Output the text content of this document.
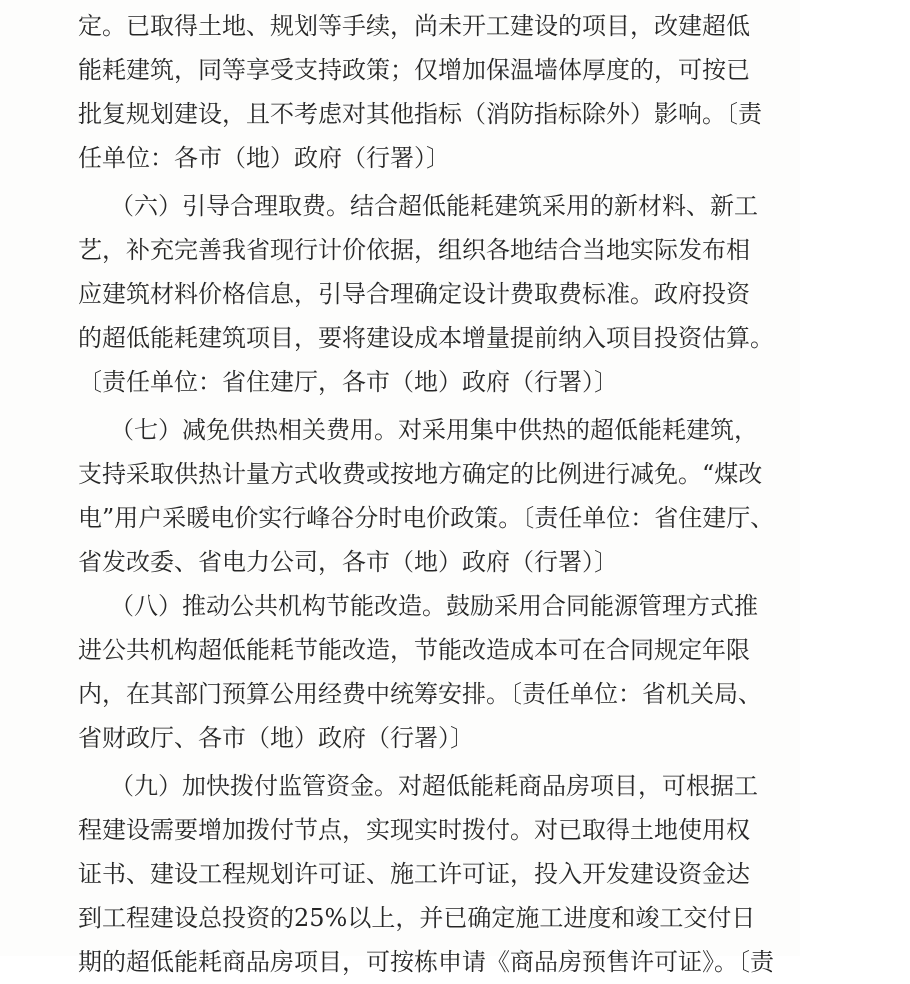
定。已取得土地、规划等手续，尚未开工建设的项目，改建超低
能耗建筑，同等享受支持政策；仅增加保温墙体厚度的，可按已
批复规划建设，且不考虑对其他指标（消防指标除外）影响。〔责
任单位：各市（地）政府（行署）〕
（六）引导合理取费。结合超低能耗建筑采用的新材料、新工
艺，补充完善我省现行计价依据，组织各地结合当地实际发布相
应建筑材料价格信息，引导合理确定设计费取费标准。政府投资
的超低能耗建筑项目，要将建设成本增量提前纳入项目投资估算。
〔责任单位：省住建厅，各市（地）政府（行署）〕
（七）减免供热相关费用。对采用集中供热的超低能耗建筑，
支持采取供热计量方式收费或按地方确定的比例进行减免。“煤改
电”用户采暖电价实行峰谷分时电价政策。〔责任单位：省住建厅、
省发改委、省电力公司，各市（地）政府（行署）〕
（八）推动公共机构节能改造。鼓励采用合同能源管理方式推
进公共机构超低能耗节能改造，节能改造成本可在合同规定年限
内，在其部门预算公用经费中统筹安排。〔责任单位：省机关局、
省财政厅、各市（地）政府（行署）〕
（九）加快拨付监管资金。对超低能耗商品房项目，可根据工
程建设需要增加拨付节点，实现实时拨付。对已取得土地使用权
证书、建设工程规划许可证、施工许可证，投入开发建设资金达
到工程建设总投资的25%以上，并已确定施工进度和竣工交付日
期的超低能耗商品房项目，可按栋申请《商品房预售许可证》。〔责
